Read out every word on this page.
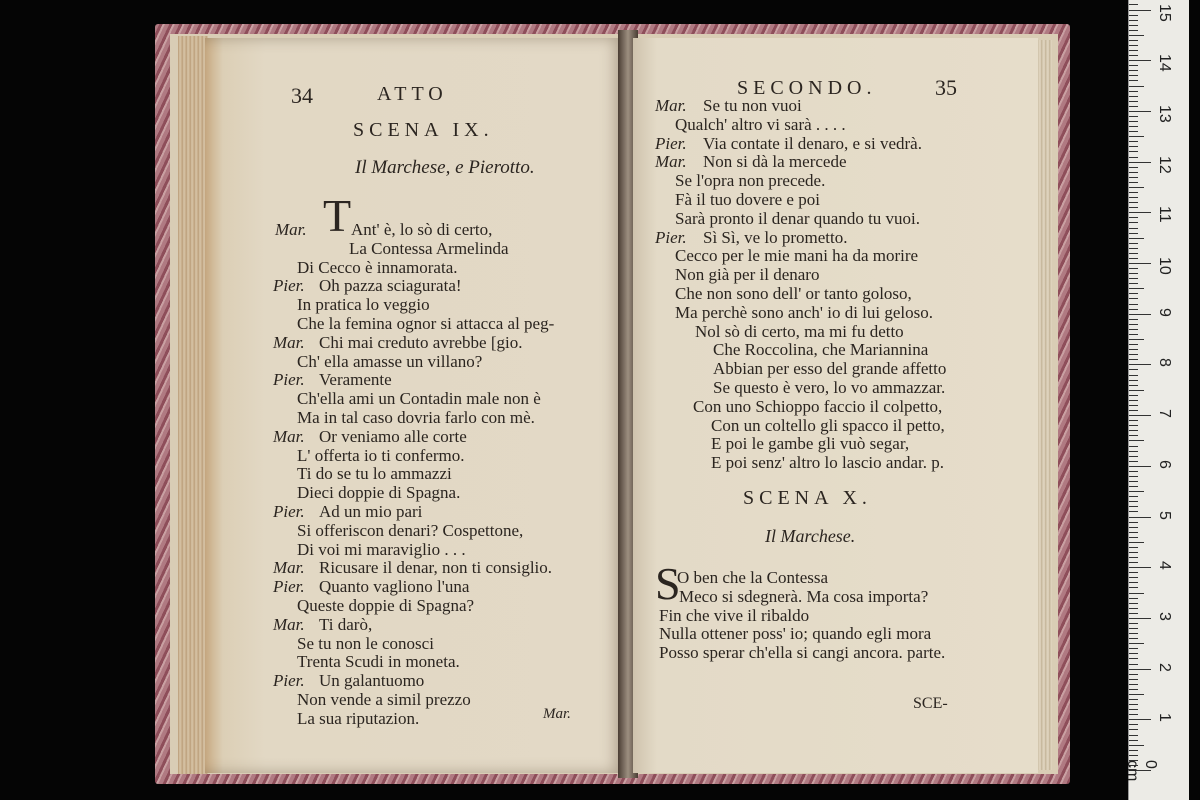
34	ATTO
SCENA IX.
Il Marchese, e Pierotto.
T
Mar.	Ant' è, lo sò di certo,
La Contessa Armelinda
Di Cecco è innamorata.
Pier. Oh pazza sciagurata!
In pratica lo veggio
Che la femina ognor si attacca al peg-
Mar. Chi mai creduto avrebbe [gio.
Ch' ella amasse un villano?
Pier. Veramente
Ch'ella ami un Contadin male non è
Ma in tal caso dovria farlo con mè.
Mar. Or veniamo alle corte
L' offerta io ti confermo.
Ti do se tu lo ammazzi
Dieci doppie di Spagna.
Pier. Ad un mio pari
Si offeriscon denari? Cospettone,
Di voi mi maraviglio . . .
Mar. Ricusare il denar, non ti consiglio.
Pier. Quanto vagliono l'una
Queste doppie di Spagna?
Mar. Ti darò,
Se tu non le conosci
Trenta Scudi in moneta.
Pier. Un galantuomo
Non vende a simil prezzo
La sua riputazion.	Mar.
SECONDO.	35
Mar. Se tu non vuoi
Qualch' altro vi sarà . . . .
Pier. Via contate il denaro, e si vedrà.
Mar. Non si dà la mercede
Se l'opra non precede.
Fà il tuo dovere e poi
Sarà pronto il denar quando tu vuoi.
Pier. Sì Sì, ve lo prometto.
Cecco per le mie mani ha da morire
Non già per il denaro
Che non sono dell' or tanto goloso,
Ma perchè sono anch' io di lui geloso.
Nol sò di certo, ma mi fu detto
Che Roccolina, che Mariannina
Abbian per esso del grande affetto
Se questo è vero, lo vo ammazzar.
Con uno Schioppo faccio il colpetto,
Con un coltello gli spacco il petto,
E poi le gambe gli vuò segar,
E poi senz' altro lo lascio andar. p.
SCENA X.
Il Marchese.
S
O ben che la Contessa
Meco si sdegnerà. Ma cosa importa?
Fin che vive il ribaldo
Nulla ottener poss' io; quando egli mora
Posso sperar ch'ella si cangi ancora. parte.
SCE-
1
2
3
4
5
6
7
8
9
10
11
12
13
14
15
0 cm
